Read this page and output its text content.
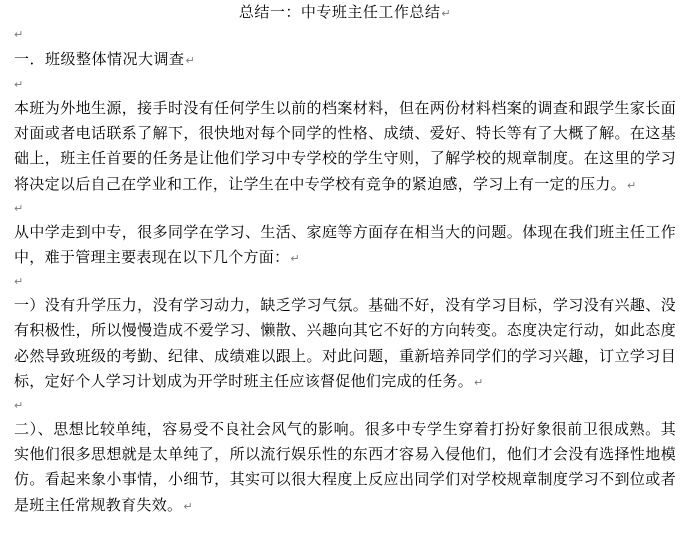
总结一：中专班主任工作总结↵
↵
一．班级整体情况大调查↵
↵

本班为外地生源，接手时没有任何学生以前的档案材料，但在两份材料档案的调查和跟学生家长面对面或者电话联系了解下，很快地对每个同学的性格、成绩、爱好、特长等有了大概了解。在这基础上，班主任首要的任务是让他们学习中专学校的学生守则，了解学校的规章制度。在这里的学习将决定以后自己在学业和工作，让学生在中专学校有竞争的紧迫感，学习上有一定的压力。↵

↵

从中学走到中专，很多同学在学习、生活、家庭等方面存在相当大的问题。体现在我们班主任工作中，难于管理主要表现在以下几个方面：↵

↵

一）没有升学压力，没有学习动力，缺乏学习气氛。基础不好，没有学习目标，学习没有兴趣、没有积极性，所以慢慢造成不爱学习、懒散、兴趣向其它不好的方向转变。态度决定行动，如此态度必然导致班级的考勤、纪律、成绩难以跟上。对此问题，重新培养同学们的学习兴趣，订立学习目标，定好个人学习计划成为开学时班主任应该督促他们完成的任务。↵

↵

二）、思想比较单纯，容易受不良社会风气的影响。很多中专学生穿着打扮好象很前卫很成熟。其实他们很多思想就是太单纯了，所以流行娱乐性的东西才容易入侵他们，他们才会没有选择性地模仿。看起来象小事情，小细节，其实可以很大程度上反应出同学们对学校规章制度学习不到位或者是班主任常规教育失效。↵
